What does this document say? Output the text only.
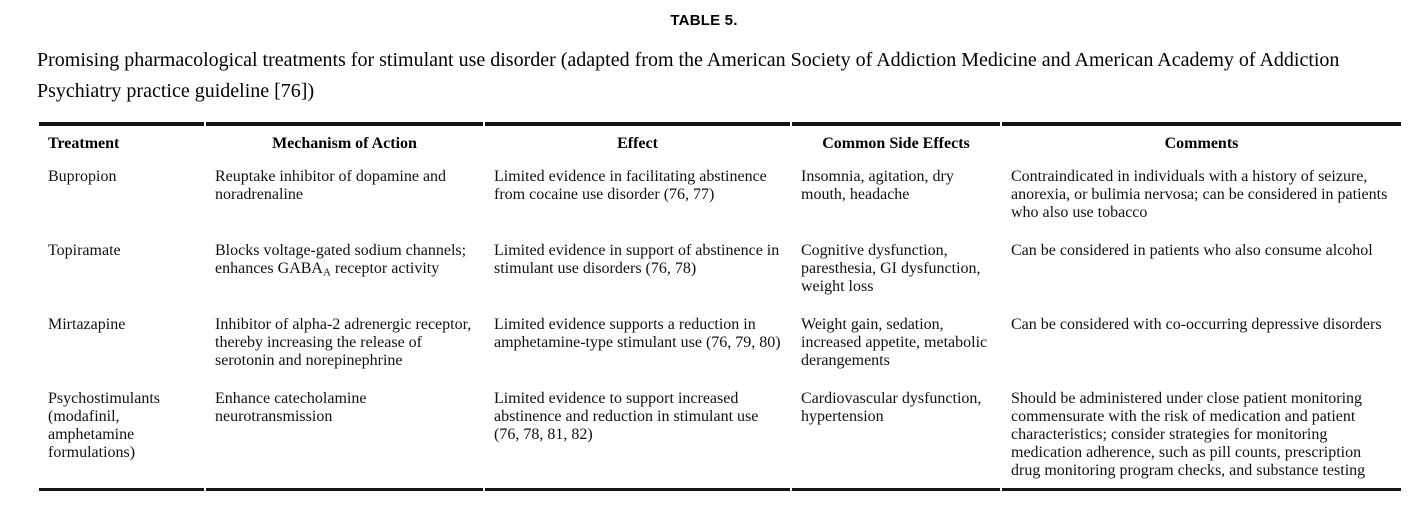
TABLE 5.
Promising pharmacological treatments for stimulant use disorder (adapted from the American Society of Addiction Medicine and American Academy of Addiction Psychiatry practice guideline [76])
Treatment	Mechanism of Action	Effect	Common Side Effects	Comments
Bupropion	Reuptake inhibitor of dopamine and noradrenaline	Limited evidence in facilitating abstinence from cocaine use disorder (76, 77)	Insomnia, agitation, dry mouth, headache	Contraindicated in individuals with a history of seizure, anorexia, or bulimia nervosa; can be considered in patients who also use tobacco
Topiramate	Blocks voltage-gated sodium channels; enhances $GABA_A$ receptor activity	Limited evidence in support of abstinence in stimulant use disorders (76, 78)	Cognitive dysfunction, paresthesia, GI dysfunction, weight loss	Can be considered in patients who also consume alcohol
Mirtazapine	Inhibitor of alpha-2 adrenergic receptor, thereby increasing the release of serotonin and norepinephrine	Limited evidence supports a reduction in amphetamine-type stimulant use (76, 79, 80)	Weight gain, sedation, increased appetite, metabolic derangements	Can be considered with co-occurring depressive disorders
Psychostimulants (modafinil, amphetamine formulations)	Enhance catecholamine neurotransmission	Limited evidence to support increased abstinence and reduction in stimulant use (76, 78, 81, 82)	Cardiovascular dysfunction, hypertension	Should be administered under close patient monitoring commensurate with the risk of medication and patient characteristics; consider strategies for monitoring medication adherence, such as pill counts, prescription drug monitoring program checks, and substance testing
